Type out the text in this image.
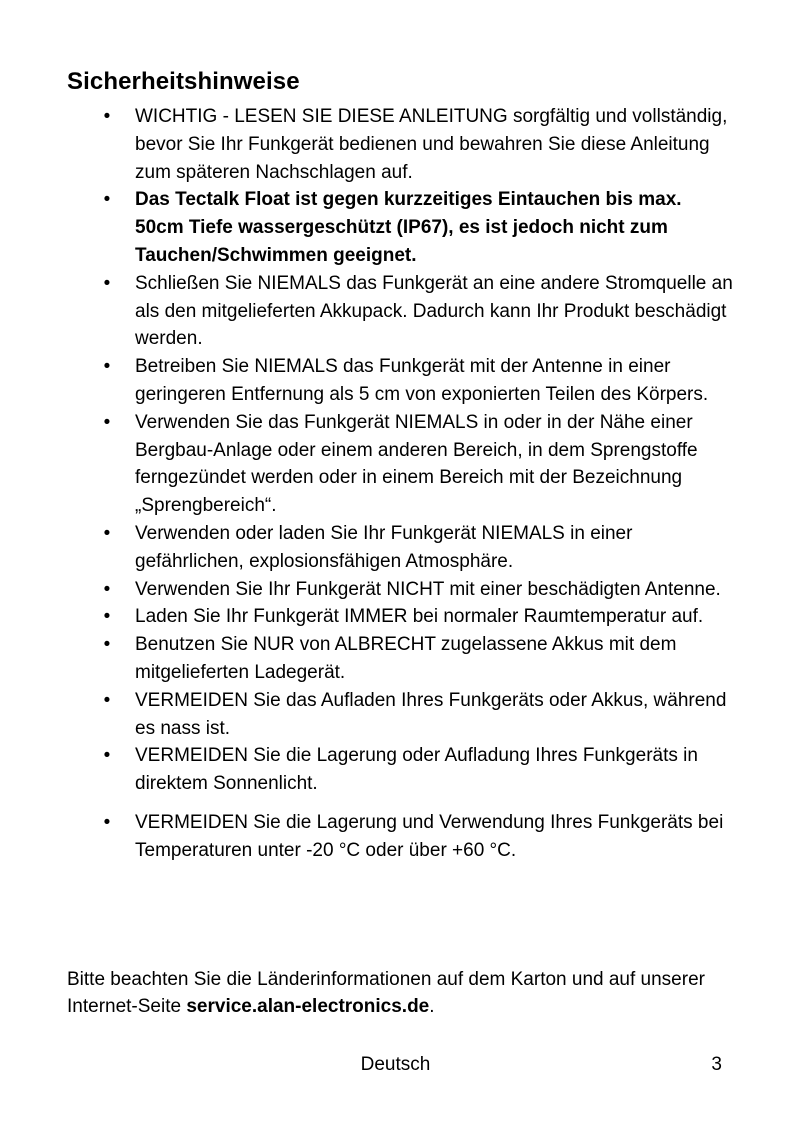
Sicherheitshinweise
• WICHTIG - LESEN SIE DIESE ANLEITUNG sorgfältig und vollständig, bevor Sie Ihr Funkgerät bedienen und bewahren Sie diese Anleitung zum späteren Nachschlagen auf.
• Das Tectalk Float ist gegen kurzzeitiges Eintauchen bis max. 50cm Tiefe wassergeschützt (IP67), es ist jedoch nicht zum Tauchen/Schwimmen geeignet.
• Schließen Sie NIEMALS das Funkgerät an eine andere Stromquelle an als den mitgelieferten Akkupack. Dadurch kann Ihr Produkt beschädigt werden.
• Betreiben Sie NIEMALS das Funkgerät mit der Antenne in einer geringeren Entfernung als 5 cm von exponierten Teilen des Körpers.
• Verwenden Sie das Funkgerät NIEMALS in oder in der Nähe einer Bergbau-Anlage oder einem anderen Bereich, in dem Sprengstoffe ferngezündet werden oder in einem Bereich mit der Bezeichnung „Sprengbereich“.
• Verwenden oder laden Sie Ihr Funkgerät NIEMALS in einer gefährlichen, explosionsfähigen Atmosphäre.
• Verwenden Sie Ihr Funkgerät NICHT mit einer beschädigten Antenne.
• Laden Sie Ihr Funkgerät IMMER bei normaler Raumtemperatur auf.
• Benutzen Sie NUR von ALBRECHT zugelassene Akkus mit dem mitgelieferten Ladegerät.
• VERMEIDEN Sie das Aufladen Ihres Funkgeräts oder Akkus, während es nass ist.
• VERMEIDEN Sie die Lagerung oder Aufladung Ihres Funkgeräts in direktem Sonnenlicht.
• VERMEIDEN Sie die Lagerung und Verwendung Ihres Funkgeräts bei Temperaturen unter -20 °C oder über +60 °C.

Bitte beachten Sie die Länderinformationen auf dem Karton und auf unserer Internet-Seite service.alan-electronics.de.

Deutsch	3
